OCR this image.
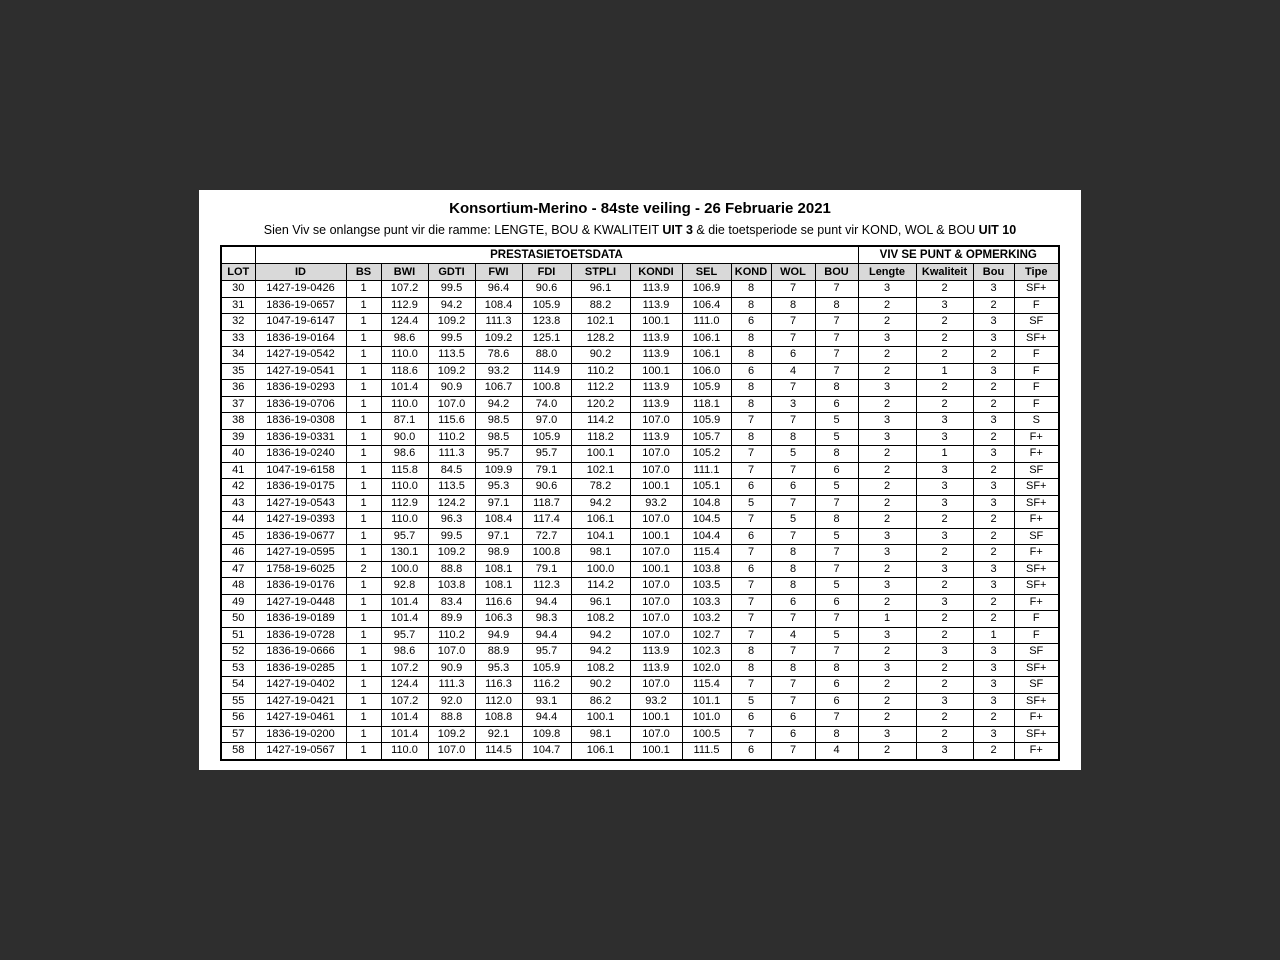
Konsortium-Merino - 84ste veiling - 26 Februarie 2021
Sien Viv se onlangse punt vir die ramme: LENGTE, BOU & KWALITEIT UIT 3 & die toetsperiode se punt vir KOND, WOL & BOU UIT 10
	PRESTASIETOETSDATA												VIV SE PUNT & OPMERKING			
LOT	ID	BS	BWI	GDTI	FWI	FDI	STPLI	KONDI	SEL	KOND	WOL	BOU	Lengte	Kwaliteit	Bou	Tipe
30	1427-19-0426	1	107.2	99.5	96.4	90.6	96.1	113.9	106.9	8	7	7	3	2	3	SF+
31	1836-19-0657	1	112.9	94.2	108.4	105.9	88.2	113.9	106.4	8	8	8	2	3	2	F
32	1047-19-6147	1	124.4	109.2	111.3	123.8	102.1	100.1	111.0	6	7	7	2	2	3	SF
33	1836-19-0164	1	98.6	99.5	109.2	125.1	128.2	113.9	106.1	8	7	7	3	2	3	SF+
34	1427-19-0542	1	110.0	113.5	78.6	88.0	90.2	113.9	106.1	8	6	7	2	2	2	F
35	1427-19-0541	1	118.6	109.2	93.2	114.9	110.2	100.1	106.0	6	4	7	2	1	3	F
36	1836-19-0293	1	101.4	90.9	106.7	100.8	112.2	113.9	105.9	8	7	8	3	2	2	F
37	1836-19-0706	1	110.0	107.0	94.2	74.0	120.2	113.9	118.1	8	3	6	2	2	2	F
38	1836-19-0308	1	87.1	115.6	98.5	97.0	114.2	107.0	105.9	7	7	5	3	3	3	S
39	1836-19-0331	1	90.0	110.2	98.5	105.9	118.2	113.9	105.7	8	8	5	3	3	2	F+
40	1836-19-0240	1	98.6	111.3	95.7	95.7	100.1	107.0	105.2	7	5	8	2	1	3	F+
41	1047-19-6158	1	115.8	84.5	109.9	79.1	102.1	107.0	111.1	7	7	6	2	3	2	SF
42	1836-19-0175	1	110.0	113.5	95.3	90.6	78.2	100.1	105.1	6	6	5	2	3	3	SF+
43	1427-19-0543	1	112.9	124.2	97.1	118.7	94.2	93.2	104.8	5	7	7	2	3	3	SF+
44	1427-19-0393	1	110.0	96.3	108.4	117.4	106.1	107.0	104.5	7	5	8	2	2	2	F+
45	1836-19-0677	1	95.7	99.5	97.1	72.7	104.1	100.1	104.4	6	7	5	3	3	2	SF
46	1427-19-0595	1	130.1	109.2	98.9	100.8	98.1	107.0	115.4	7	8	7	3	2	2	F+
47	1758-19-6025	2	100.0	88.8	108.1	79.1	100.0	100.1	103.8	6	8	7	2	3	3	SF+
48	1836-19-0176	1	92.8	103.8	108.1	112.3	114.2	107.0	103.5	7	8	5	3	2	3	SF+
49	1427-19-0448	1	101.4	83.4	116.6	94.4	96.1	107.0	103.3	7	6	6	2	3	2	F+
50	1836-19-0189	1	101.4	89.9	106.3	98.3	108.2	107.0	103.2	7	7	7	1	2	2	F
51	1836-19-0728	1	95.7	110.2	94.9	94.4	94.2	107.0	102.7	7	4	5	3	2	1	F
52	1836-19-0666	1	98.6	107.0	88.9	95.7	94.2	113.9	102.3	8	7	7	2	3	3	SF
53	1836-19-0285	1	107.2	90.9	95.3	105.9	108.2	113.9	102.0	8	8	8	3	2	3	SF+
54	1427-19-0402	1	124.4	111.3	116.3	116.2	90.2	107.0	115.4	7	7	6	2	2	3	SF
55	1427-19-0421	1	107.2	92.0	112.0	93.1	86.2	93.2	101.1	5	7	6	2	3	3	SF+
56	1427-19-0461	1	101.4	88.8	108.8	94.4	100.1	100.1	101.0	6	6	7	2	2	2	F+
57	1836-19-0200	1	101.4	109.2	92.1	109.8	98.1	107.0	100.5	7	6	8	3	2	3	SF+
58	1427-19-0567	1	110.0	107.0	114.5	104.7	106.1	100.1	111.5	6	7	4	2	3	2	F+
